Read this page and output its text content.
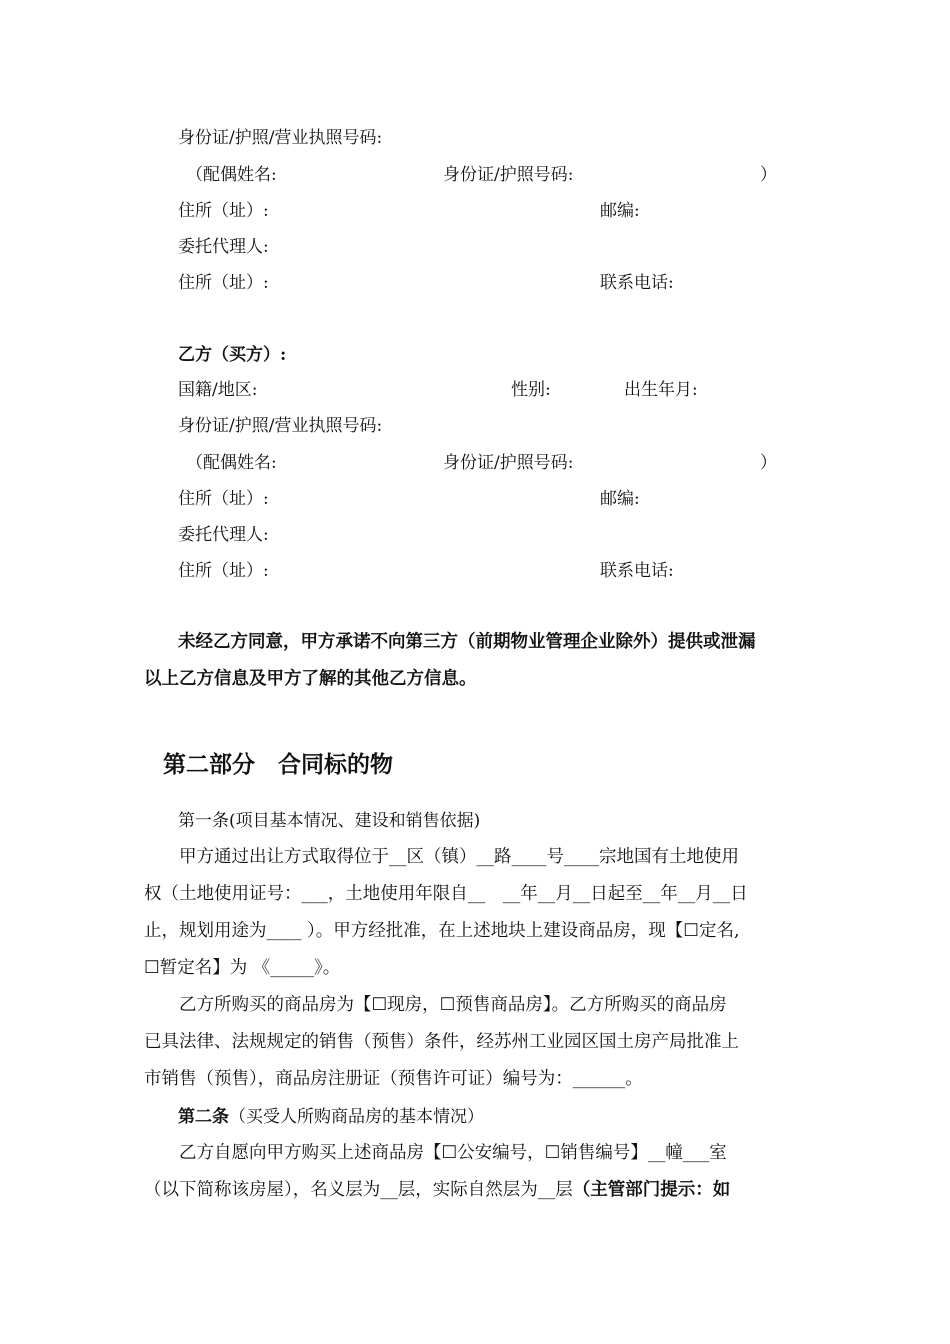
身份证/护照/营业执照号码:
（配偶姓名:	身份证/护照号码:	）
住所（址）:	邮编:
委托代理人:
住所（址）:	联系电话:
乙方（买方）:
国籍/地区:	性别:	出生年月:
身份证/护照/营业执照号码:
（配偶姓名:	身份证/护照号码:	）
住所（址）:	邮编:
委托代理人:
住所（址）:	联系电话:
未经乙方同意，甲方承诺不向第三方（前期物业管理企业除外）提供或泄漏
以上乙方信息及甲方了解的其他乙方信息。
第二部分　合同标的物
第一条(项目基本情况、建设和销售依据)

　　甲方通过出让方式取得位于__区（镇）__路____号____宗地国有土地使用

权（土地使用证号：___，土地使用年限自__　__年__月__日起至__年__月__日

止，规划用途为____ ）。甲方经批准，在上述地块上建设商品房，现【☐定名,

☐暂定名】为 《_____》。

　　乙方所购买的商品房为【☐现房，☐预售商品房】。乙方所购买的商品房

已具法律、法规规定的销售（预售）条件，经苏州工业园区国土房产局批准上

市销售（预售），商品房注册证（预售许可证）编号为：______。

第二条（买受人所购商品房的基本情况）

　　乙方自愿向甲方购买上述商品房【☐公安编号，☐销售编号】__幢___室

（以下简称该房屋），名义层为__层，实际自然层为__层（主管部门提示：如
